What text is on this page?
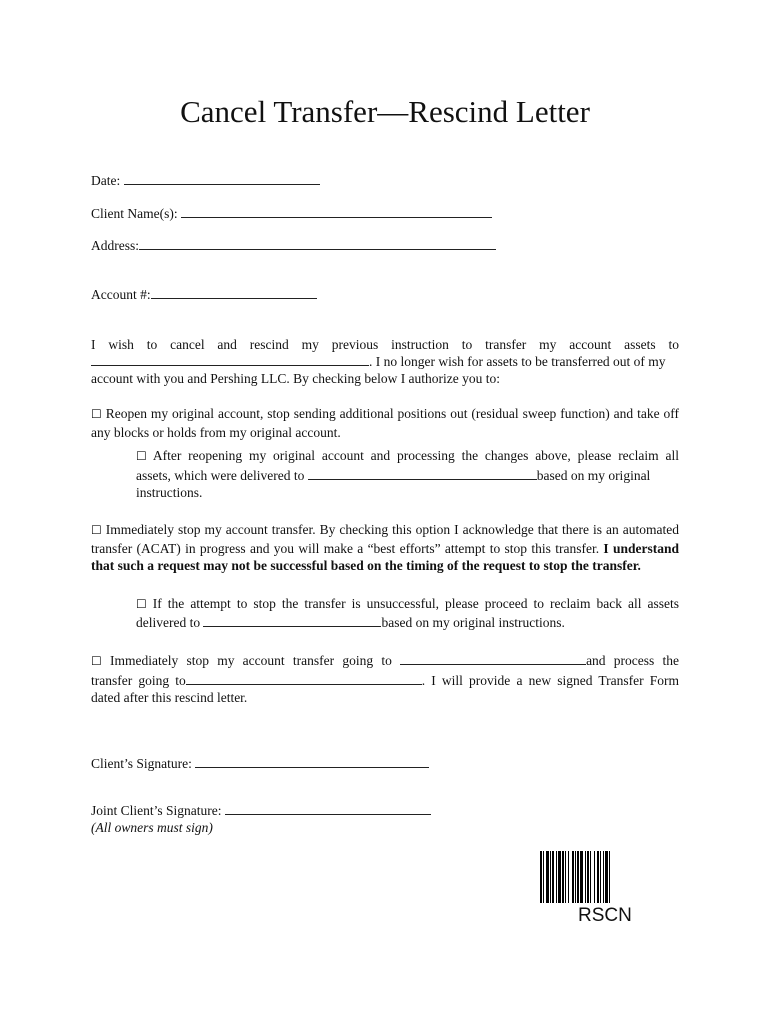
Cancel Transfer—Rescind Letter
Date:
Client Name(s):
Address:
Account #:
I wish to cancel and rescind my previous instruction to transfer my account assets to
. I no longer wish for assets to be transferred out of my
account with you and Pershing LLC. By checking below I authorize you to:
☐ Reopen my original account, stop sending additional positions out (residual sweep function) and take off any blocks or holds from my original account.
☐ After reopening my original account and processing the changes above, please reclaim all
assets, which were delivered to	based on my original
instructions.
☐ Immediately stop my account transfer. By checking this option I acknowledge that there is an automated transfer (ACAT) in progress and you will make a “best efforts” attempt to stop this transfer. I understand that such a request may not be successful based on the timing of the request to stop the transfer.
☐ If the attempt to stop the transfer is unsuccessful, please proceed to reclaim back all assets
delivered to	based on my original instructions.
☐ Immediately stop my account transfer going to	and process the
transfer going to	. I will provide a new signed Transfer Form
dated after this rescind letter.
Client’s Signature:
Joint Client’s Signature:
(All owners must sign)
RSCN
